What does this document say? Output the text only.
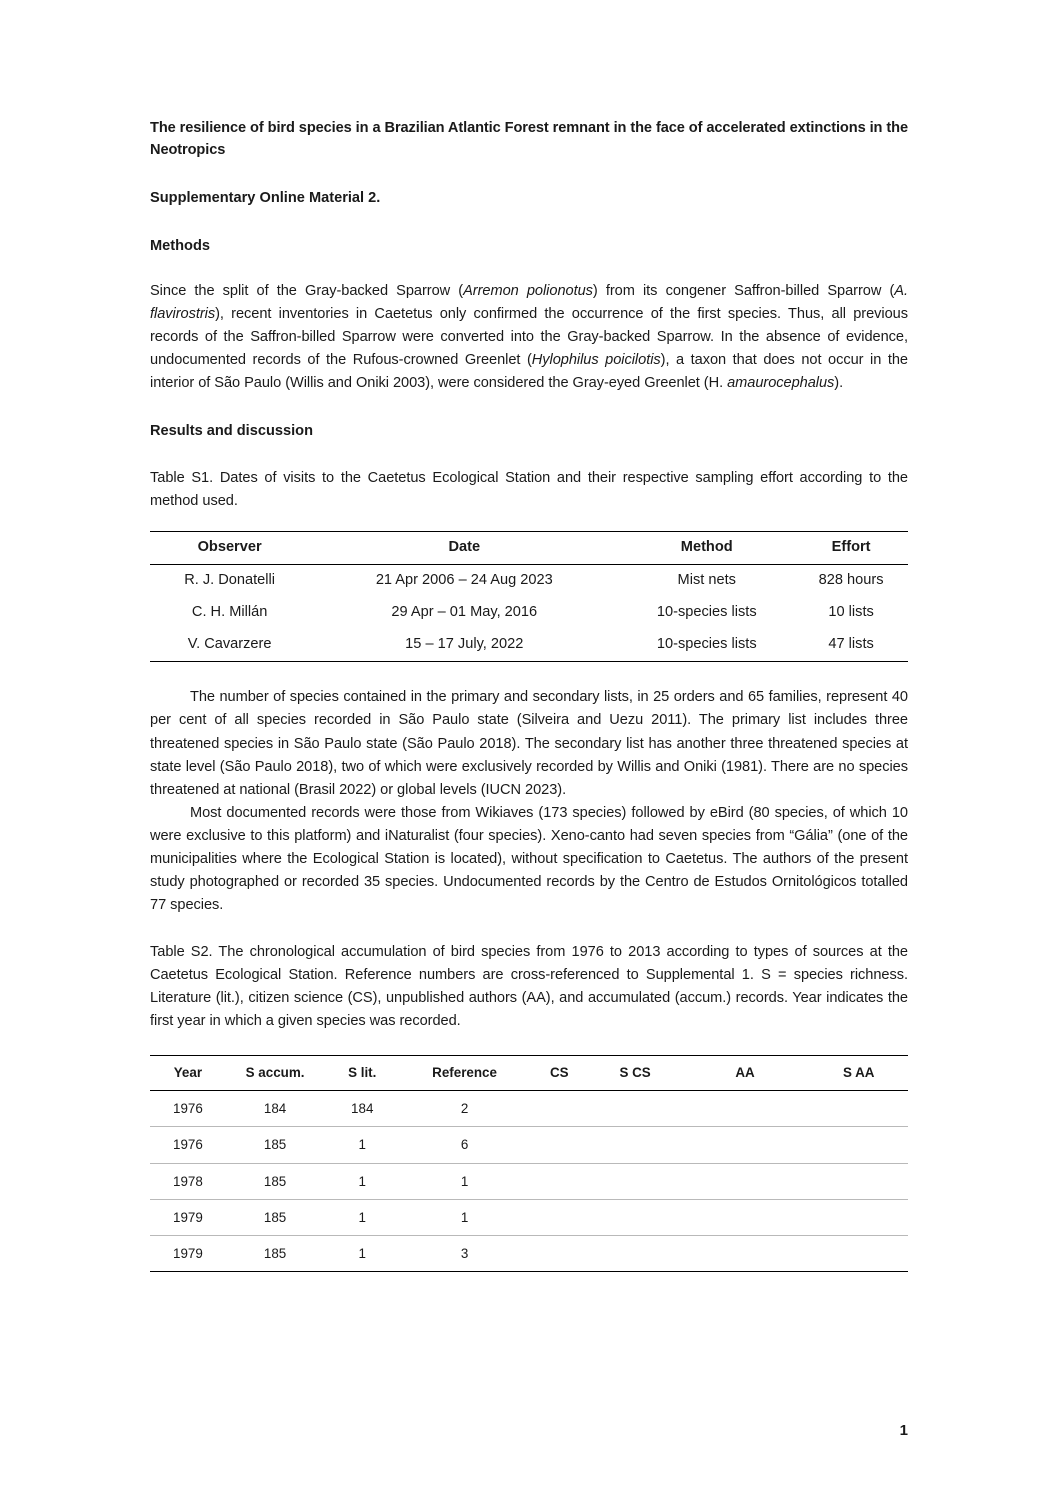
The resilience of bird species in a Brazilian Atlantic Forest remnant in the face of accelerated extinctions in the Neotropics
Supplementary Online Material 2.
Methods

Since the split of the Gray-backed Sparrow (Arremon polionotus) from its congener Saffron-billed Sparrow (A. flavirostris), recent inventories in Caetetus only confirmed the occurrence of the first species. Thus, all previous records of the Saffron-billed Sparrow were converted into the Gray-backed Sparrow. In the absence of evidence, undocumented records of the Rufous-crowned Greenlet (Hylophilus poicilotis), a taxon that does not occur in the interior of São Paulo (Willis and Oniki 2003), were considered the Gray-eyed Greenlet (H. amaurocephalus).

Results and discussion

Table S1. Dates of visits to the Caetetus Ecological Station and their respective sampling effort according to the method used.

Observer	Date	Method	Effort
R. J. Donatelli	21 Apr 2006 – 24 Aug 2023	Mist nets	828 hours
C. H. Millán	29 Apr – 01 May, 2016	10-species lists	10 lists
V. Cavarzere	15 – 17 July, 2022	10-species lists	47 lists

The number of species contained in the primary and secondary lists, in 25 orders and 65 families, represent 40 per cent of all species recorded in São Paulo state (Silveira and Uezu 2011). The primary list includes three threatened species in São Paulo state (São Paulo 2018). The secondary list has another three threatened species at state level (São Paulo 2018), two of which were exclusively recorded by Willis and Oniki (1981). There are no species threatened at national (Brasil 2022) or global levels (IUCN 2023).

Most documented records were those from Wikiaves (173 species) followed by eBird (80 species, of which 10 were exclusive to this platform) and iNaturalist (four species). Xeno-canto had seven species from “Gália” (one of the municipalities where the Ecological Station is located), without specification to Caetetus. The authors of the present study photographed or recorded 35 species. Undocumented records by the Centro de Estudos Ornitológicos totalled 77 species.

Table S2. The chronological accumulation of bird species from 1976 to 2013 according to types of sources at the Caetetus Ecological Station. Reference numbers are cross-referenced to Supplemental 1. S = species richness. Literature (lit.), citizen science (CS), unpublished authors (AA), and accumulated (accum.) records. Year indicates the first year in which a given species was recorded.

Year	S accum.	S lit.	Reference	CS	S CS	AA	S AA
1976	184	184	2				
1976	185	1	6				
1978	185	1	1				
1979	185	1	1				
1979	185	1	3				
1
